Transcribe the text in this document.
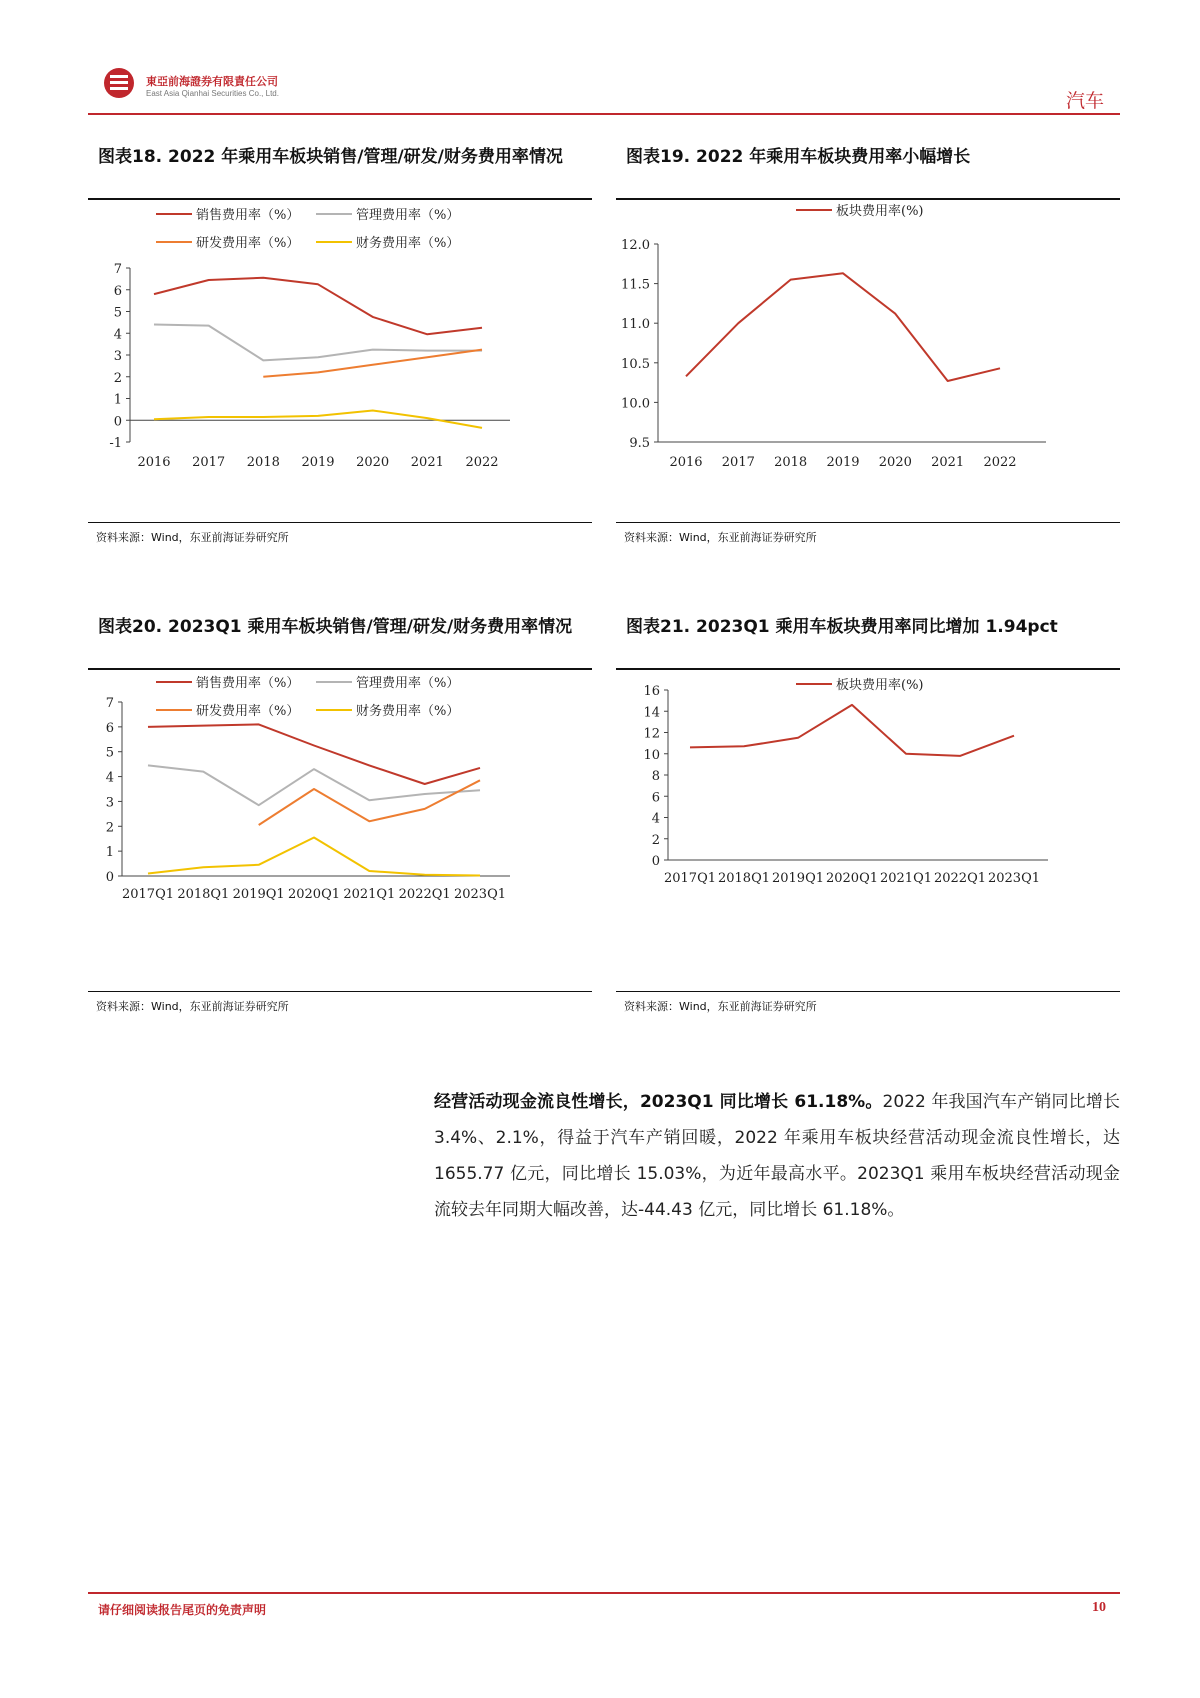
東亞前海證券有限責任公司
East Asia Qianhai Securities Co., Ltd.	汽车
图表18. 2022 年乘用车板块销售/管理/研发/财务费用率情况
销售费用率（%）	管理费用率（%）
研发费用率（%）	财务费用率（%）
-1
0
1
2
3
4
5
6
7
2016 2017 2018 2019 2020 2021 2022
资料来源：Wind，东亚前海证券研究所
图表19. 2022 年乘用车板块费用率小幅增长
板块费用率(%)
9.5
10.0
10.5
11.0
11.5
12.0
2016 2017 2018 2019 2020 2021 2022
资料来源：Wind，东亚前海证券研究所
图表20. 2023Q1 乘用车板块销售/管理/研发/财务费用率情况
销售费用率（%）	管理费用率（%）
研发费用率（%）	财务费用率（%）
0
1
2
3
4
5
6
7
2017Q1 2018Q1 2019Q1 2020Q1 2021Q1 2022Q1 2023Q1
资料来源：Wind，东亚前海证券研究所
图表21. 2023Q1 乘用车板块费用率同比增加 1.94pct
板块费用率(%)
0
2
4
6
8
10
12
14
16
2017Q1 2018Q1 2019Q1 2020Q1 2021Q1 2022Q1 2023Q1
资料来源：Wind，东亚前海证券研究所
经营活动现金流良性增长，2023Q1 同比增长 61.18%。2022 年我国汽车产销同比增长 3.4%、2.1%，得益于汽车产销回暖，2022 年乘用车板块经营活动现金流良性增长，达 1655.77 亿元，同比增长 15.03%，为近年最高水平。2023Q1 乘用车板块经营活动现金流较去年同期大幅改善，达-44.43 亿元，同比增长 61.18%。
请仔细阅读报告尾页的免责声明	10
